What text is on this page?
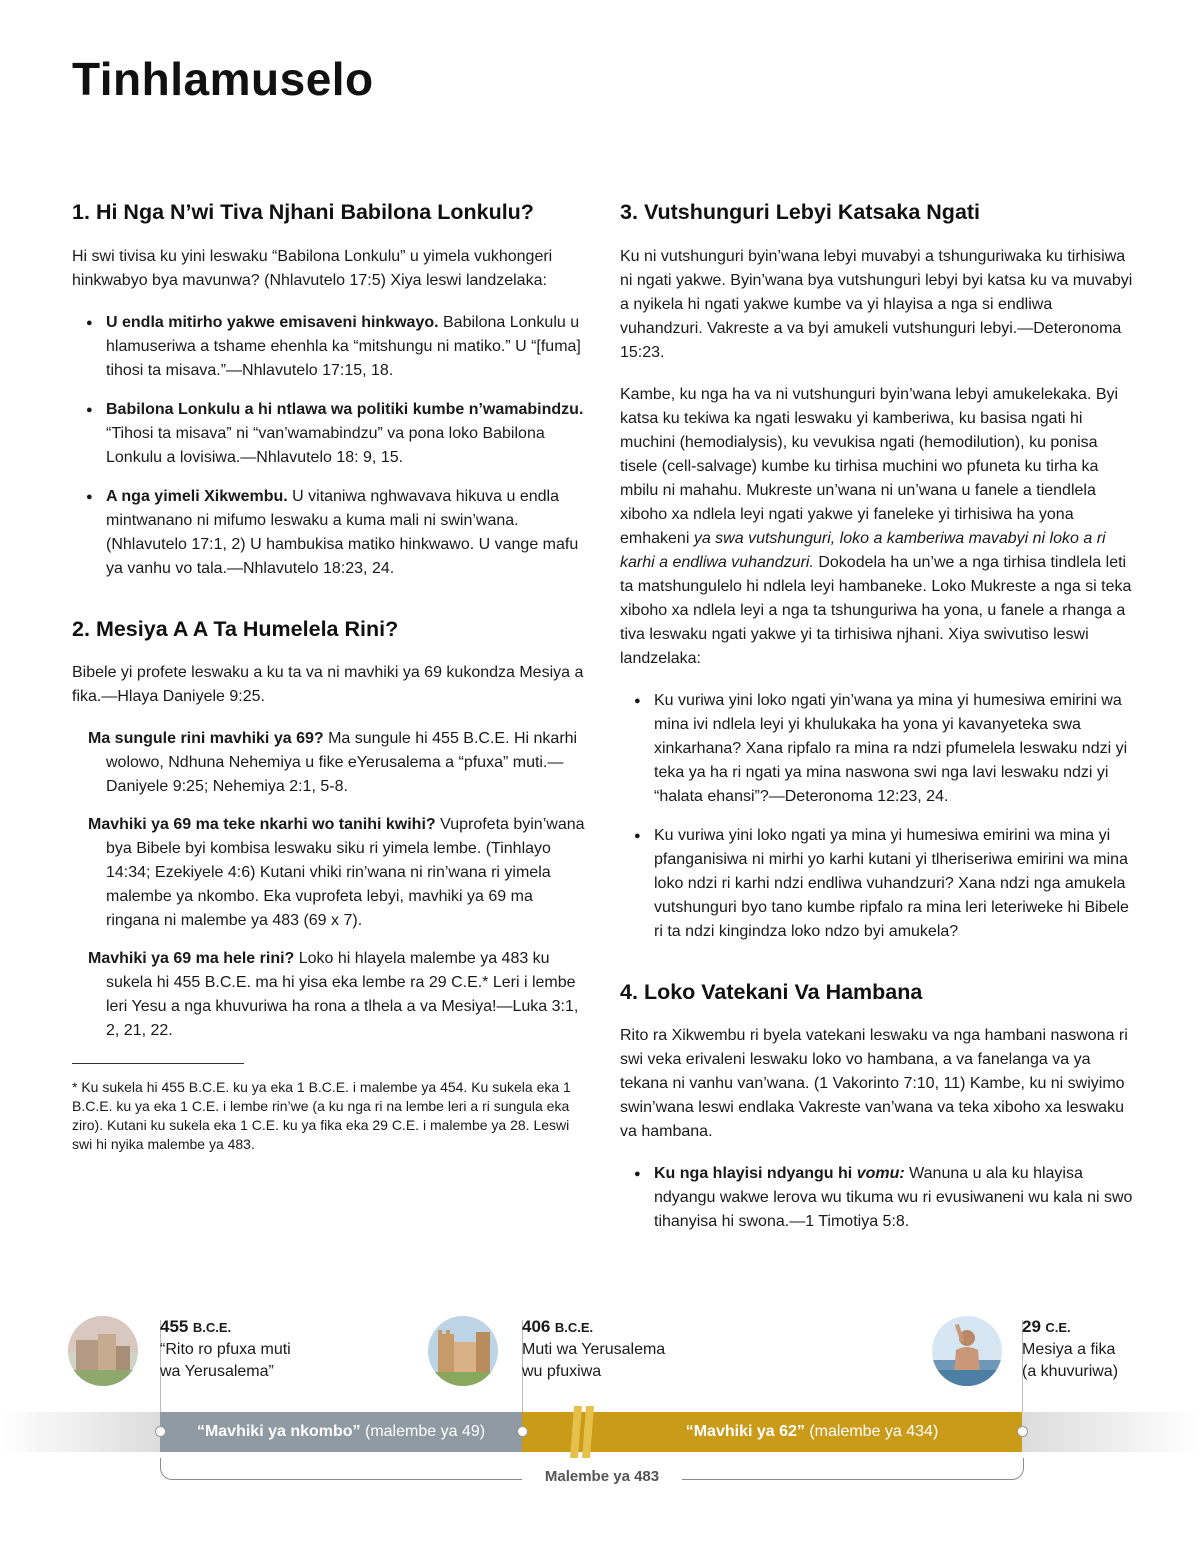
Tinhlamuselo
1. Hi Nga N’wi Tiva Njhani Babilona Lonkulu?

Hi swi tivisa ku yini leswaku “Babilona Lonkulu” u yimela vukhongeri hinkwabyo bya mavunwa? (Nhlavutelo 17:5) Xiya leswi landzelaka:

● U endla mitirho yakwe emisaveni hinkwayo. Babilona Lonkulu u hlamuseriwa a tshame ehenhla ka “mitshungu ni matiko.” U “[fuma] tihosi ta misava.”—Nhlavutelo 17:15, 18.
● Babilona Lonkulu a hi ntlawa wa politiki kumbe n’wamabindzu. “Tihosi ta misava” ni “van’wamabindzu” va pona loko Babilona Lonkulu a lovisiwa.—Nhlavutelo 18: 9, 15.
● A nga yimeli Xikwembu. U vitaniwa nghwavava hikuva u endla mintwanano ni mifumo leswaku a kuma mali ni swin’wana. (Nhlavutelo 17:1, 2) U hambukisa matiko hinkwawo. U vange mafu ya vanhu vo tala.—Nhlavutelo 18:23, 24.
2. Mesiya A A Ta Humelela Rini?

Bibele yi profete leswaku a ku ta va ni mavhiki ya 69 kukondza Mesiya a fika.—Hlaya Daniyele 9:25.

Ma sungule rini mavhiki ya 69? Ma sungule hi 455 B.C.E. Hi nkarhi wolowo, Ndhuna Nehemiya u fike eYerusalema a “pfuxa” muti.—Daniyele 9:25; Nehemiya 2:1, 5-8.

Mavhiki ya 69 ma teke nkarhi wo tanihi kwihi? Vuprofeta byin’wana bya Bibele byi kombisa leswaku siku ri yimela lembe. (Tinhlayo 14:34; Ezekiyele 4:6) Kutani vhiki rin’wana ni rin’wana ri yimela malembe ya nkombo. Eka vuprofeta lebyi, mavhiki ya 69 ma ringana ni malembe ya 483 (69 x 7).

Mavhiki ya 69 ma hele rini? Loko hi hlayela malembe ya 483 ku sukela hi 455 B.C.E. ma hi yisa eka lembe ra 29 C.E.* Leri i lembe leri Yesu a nga khuvuriwa ha rona a tlhela a va Mesiya!—Luka 3:1, 2, 21, 22.

* Ku sukela hi 455 B.C.E. ku ya eka 1 B.C.E. i malembe ya 454. Ku sukela eka 1 B.C.E. ku ya eka 1 C.E. i lembe rin’we (a ku nga ri na lembe leri a ri sungula eka ziro). Kutani ku sukela eka 1 C.E. ku ya fika eka 29 C.E. i malembe ya 28. Leswi swi hi nyika malembe ya 483.

3. Vutshunguri Lebyi Katsaka Ngati

Ku ni vutshunguri byin’wana lebyi muvabyi a tshunguriwaka ku tirhisiwa ni ngati yakwe. Byin’wana bya vutshunguri lebyi byi katsa ku va muvabyi a nyikela hi ngati yakwe kumbe va yi hlayisa a nga si endliwa vuhandzuri. Vakreste a va byi amukeli vutshunguri lebyi.—Deteronoma 15:23.

Kambe, ku nga ha va ni vutshunguri byin’wana lebyi amukelekaka. Byi katsa ku tekiwa ka ngati leswaku yi kamberiwa, ku basisa ngati hi muchini (hemodialysis), ku vevukisa ngati (hemodilution), ku ponisa tisele (cell-salvage) kumbe ku tirhisa muchini wo pfuneta ku tirha ka mbilu ni mahahu. Mukreste un’wana ni un’wana u fanele a tiendlela xiboho xa ndlela leyi ngati yakwe yi faneleke yi tirhisiwa ha yona emhakeni ya swa vutshunguri, loko a kamberiwa mavabyi ni loko a ri karhi a endliwa vuhandzuri. Dokodela ha un’we a nga tirhisa tindlela leti ta matshungulelo hi ndlela leyi hambaneke. Loko Mukreste a nga si teka xiboho xa ndlela leyi a nga ta tshunguriwa ha yona, u fanele a rhanga a tiva leswaku ngati yakwe yi ta tirhisiwa njhani. Xiya swivutiso leswi landzelaka:

● Ku vuriwa yini loko ngati yin’wana ya mina yi humesiwa emirini wa mina ivi ndlela leyi yi khulukaka ha yona yi kavanyeteka swa xinkarhana? Xana ripfalo ra mina ra ndzi pfumelela leswaku ndzi yi teka ya ha ri ngati ya mina naswona swi nga lavi leswaku ndzi yi “halata ehansi”?—Deteronoma 12:23, 24.
● Ku vuriwa yini loko ngati ya mina yi humesiwa emirini wa mina yi pfanganisiwa ni mirhi yo karhi kutani yi tlheriseriwa emirini wa mina loko ndzi ri karhi ndzi endliwa vuhandzuri? Xana ndzi nga amukela vutshunguri byo tano kumbe ripfalo ra mina leri leteriweke hi Bibele ri ta ndzi kingindza loko ndzo byi amukela?
4. Loko Vatekani Va Hambana

Rito ra Xikwembu ri byela vatekani leswaku va nga hambani naswona ri swi veka erivaleni leswaku loko vo hambana, a va fanelanga va ya tekana ni vanhu van’wana. (1 Vakorinto 7:10, 11) Kambe, ku ni swiyimo swin’wana leswi endlaka Vakreste van’wana va teka xiboho xa leswaku va hambana.

● Ku nga hlayisi ndyangu hi vomu: Wanuna u ala ku hlayisa ndyangu wakwe lerova wu tikuma wu ri evusiwaneni wu kala ni swo tihanyisa hi swona.—1 Timotiya 5:8.
455 B.C.E.
“Rito ro pfuxa muti
wa Yerusalema”
406 B.C.E.
Muti wa Yerusalema
wu pfuxiwa
29 C.E.
Mesiya a fika
(a khuvuriwa)
“Mavhiki ya nkombo” (malembe ya 49)	“Mavhiki ya 62” (malembe ya 434)
Malembe ya 483
